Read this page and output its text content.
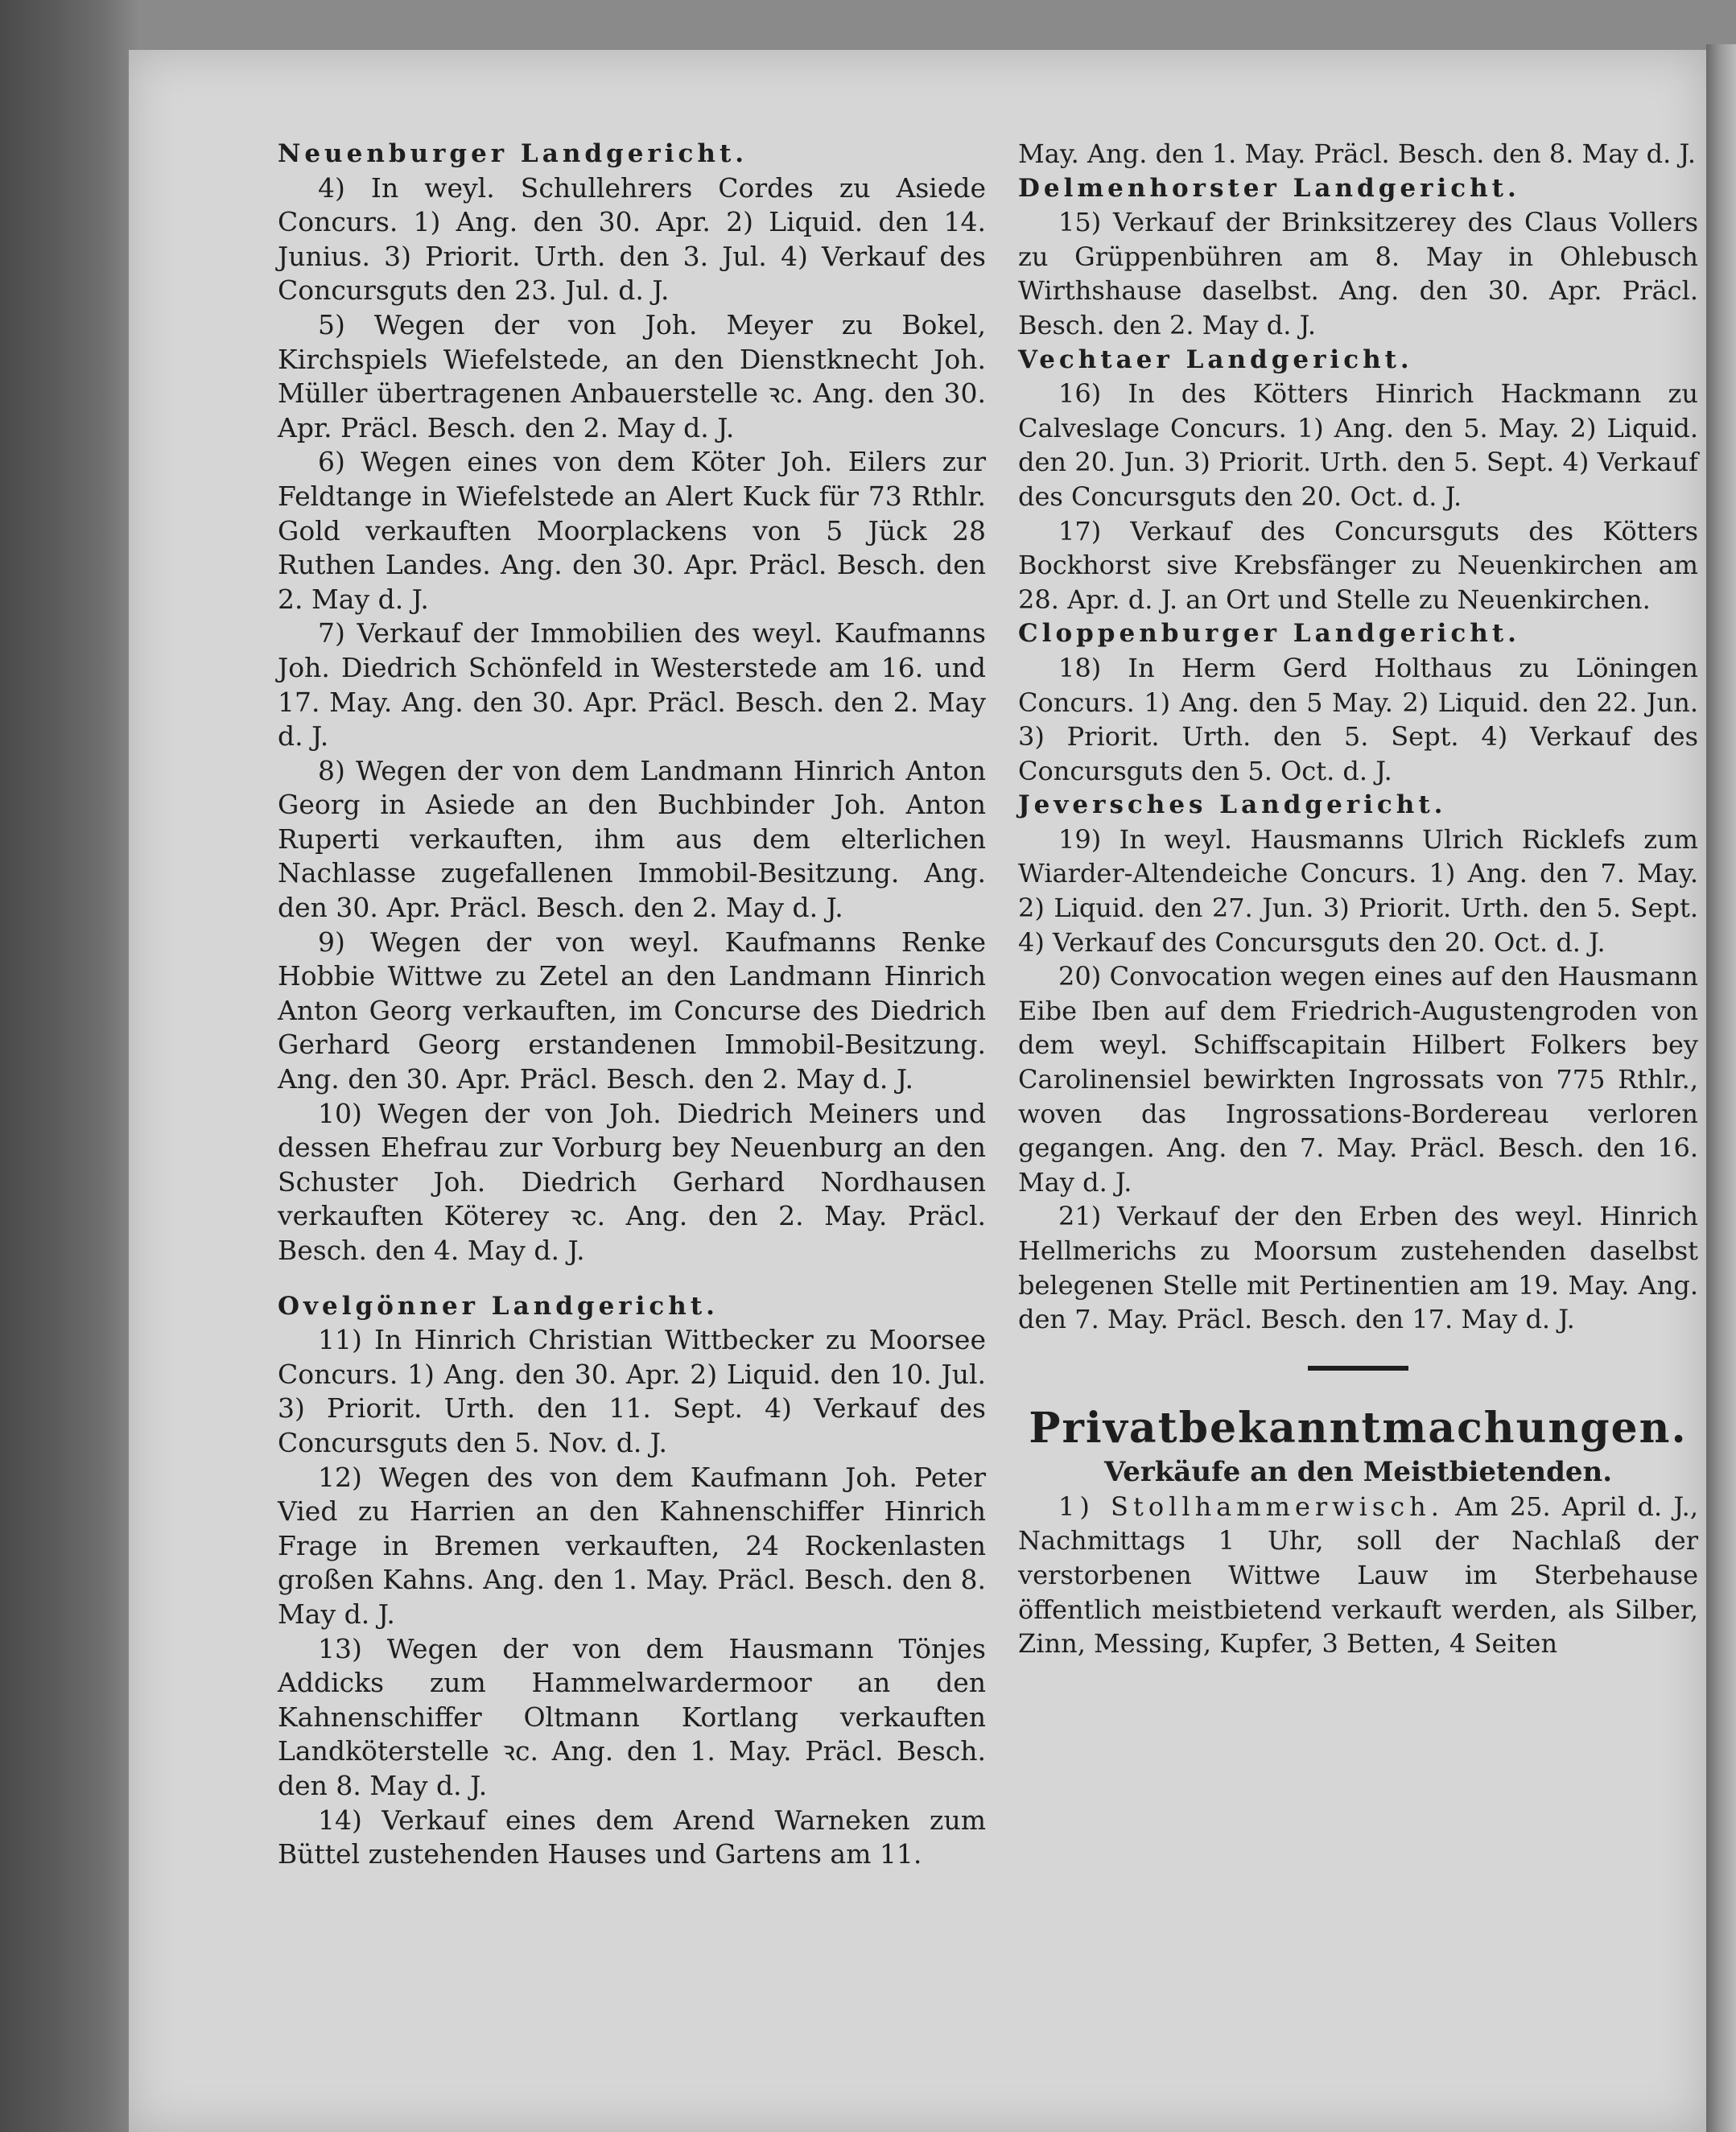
Neuenburger Landgericht.

4) In weyl. Schullehrers Cordes zu Asiede Concurs. 1) Ang. den 30. Apr. 2) Liquid. den 14. Junius. 3) Priorit. Urth. den 3. Jul. 4) Verkauf des Concursguts den 23. Jul. d. J.

5) Wegen der von Joh. Meyer zu Bokel, Kirchspiels Wiefelstede, an den Dienstknecht Joh. Müller übertragenen Anbauerstelle ꝛc. Ang. den 30. Apr. Präcl. Besch. den 2. May d. J.

6) Wegen eines von dem Köter Joh. Eilers zur Feldtange in Wiefelstede an Alert Kuck für 73 Rthlr. Gold verkauften Moorplackens von 5 Jück 28 Ruthen Landes. Ang. den 30. Apr. Präcl. Besch. den 2. May d. J.

7) Verkauf der Immobilien des weyl. Kaufmanns Joh. Diedrich Schönfeld in Westerstede am 16. und 17. May. Ang. den 30. Apr. Präcl. Besch. den 2. May d. J.

8) Wegen der von dem Landmann Hinrich Anton Georg in Asiede an den Buchbinder Joh. Anton Ruperti verkauften, ihm aus dem elterlichen Nachlasse zugefallenen Immobil-Besitzung. Ang. den 30. Apr. Präcl. Besch. den 2. May d. J.

9) Wegen der von weyl. Kaufmanns Renke Hobbie Wittwe zu Zetel an den Landmann Hinrich Anton Georg verkauften, im Concurse des Diedrich Gerhard Georg erstandenen Immobil-Besitzung. Ang. den 30. Apr. Präcl. Besch. den 2. May d. J.

10) Wegen der von Joh. Diedrich Meiners und dessen Ehefrau zur Vorburg bey Neuenburg an den Schuster Joh. Diedrich Gerhard Nordhausen verkauften Köterey ꝛc. Ang. den 2. May. Präcl. Besch. den 4. May d. J.

Ovelgönner Landgericht.

11) In Hinrich Christian Wittbecker zu Moorsee Concurs. 1) Ang. den 30. Apr. 2) Liquid. den 10. Jul. 3) Priorit. Urth. den 11. Sept. 4) Verkauf des Concursguts den 5. Nov. d. J.

12) Wegen des von dem Kaufmann Joh. Peter Vied zu Harrien an den Kahnenschiffer Hinrich Frage in Bremen verkauften, 24 Rockenlasten großen Kahns. Ang. den 1. May. Präcl. Besch. den 8. May d. J.

13) Wegen der von dem Hausmann Tönjes Addicks zum Hammelwardermoor an den Kahnenschiffer Oltmann Kortlang verkauften Landköterstelle ꝛc. Ang. den 1. May. Präcl. Besch. den 8. May d. J.

14) Verkauf eines dem Arend Warneken zum Büttel zustehenden Hauses und Gartens am 11.

May. Ang. den 1. May. Präcl. Besch. den 8. May d. J.

Delmenhorster Landgericht.

15) Verkauf der Brinksitzerey des Claus Vollers zu Grüppenbühren am 8. May in Ohlebusch Wirthshause daselbst. Ang. den 30. Apr. Präcl. Besch. den 2. May d. J.

Vechtaer Landgericht.

16) In des Kötters Hinrich Hackmann zu Calveslage Concurs. 1) Ang. den 5. May. 2) Liquid. den 20. Jun. 3) Priorit. Urth. den 5. Sept. 4) Verkauf des Concursguts den 20. Oct. d. J.

17) Verkauf des Concursguts des Kötters Bockhorst sive Krebsfänger zu Neuenkirchen am 28. Apr. d. J. an Ort und Stelle zu Neuenkirchen.

Cloppenburger Landgericht.

18) In Herm Gerd Holthaus zu Löningen Concurs. 1) Ang. den 5 May. 2) Liquid. den 22. Jun. 3) Priorit. Urth. den 5. Sept. 4) Verkauf des Concursguts den 5. Oct. d. J.

Jeversches Landgericht.

19) In weyl. Hausmanns Ulrich Ricklefs zum Wiarder-Altendeiche Concurs. 1) Ang. den 7. May. 2) Liquid. den 27. Jun. 3) Priorit. Urth. den 5. Sept. 4) Verkauf des Concursguts den 20. Oct. d. J.

20) Convocation wegen eines auf den Hausmann Eibe Iben auf dem Friedrich-Augustengroden von dem weyl. Schiffscapitain Hilbert Folkers bey Carolinensiel bewirkten Ingrossats von 775 Rthlr., woven das Ingrossations-Bordereau verloren gegangen. Ang. den 7. May. Präcl. Besch. den 16. May d. J.

21) Verkauf der den Erben des weyl. Hinrich Hellmerichs zu Moorsum zustehenden daselbst belegenen Stelle mit Pertinentien am 19. May. Ang. den 7. May. Präcl. Besch. den 17. May d. J.

Privatbekanntmachungen.

Verkäufe an den Meistbietenden.

1) Stollhammerwisch. Am 25. April d. J., Nachmittags 1 Uhr, soll der Nachlaß der verstorbenen Wittwe Lauw im Sterbehause öffentlich meistbietend verkauft werden, als Silber, Zinn, Messing, Kupfer, 3 Betten, 4 Seiten
